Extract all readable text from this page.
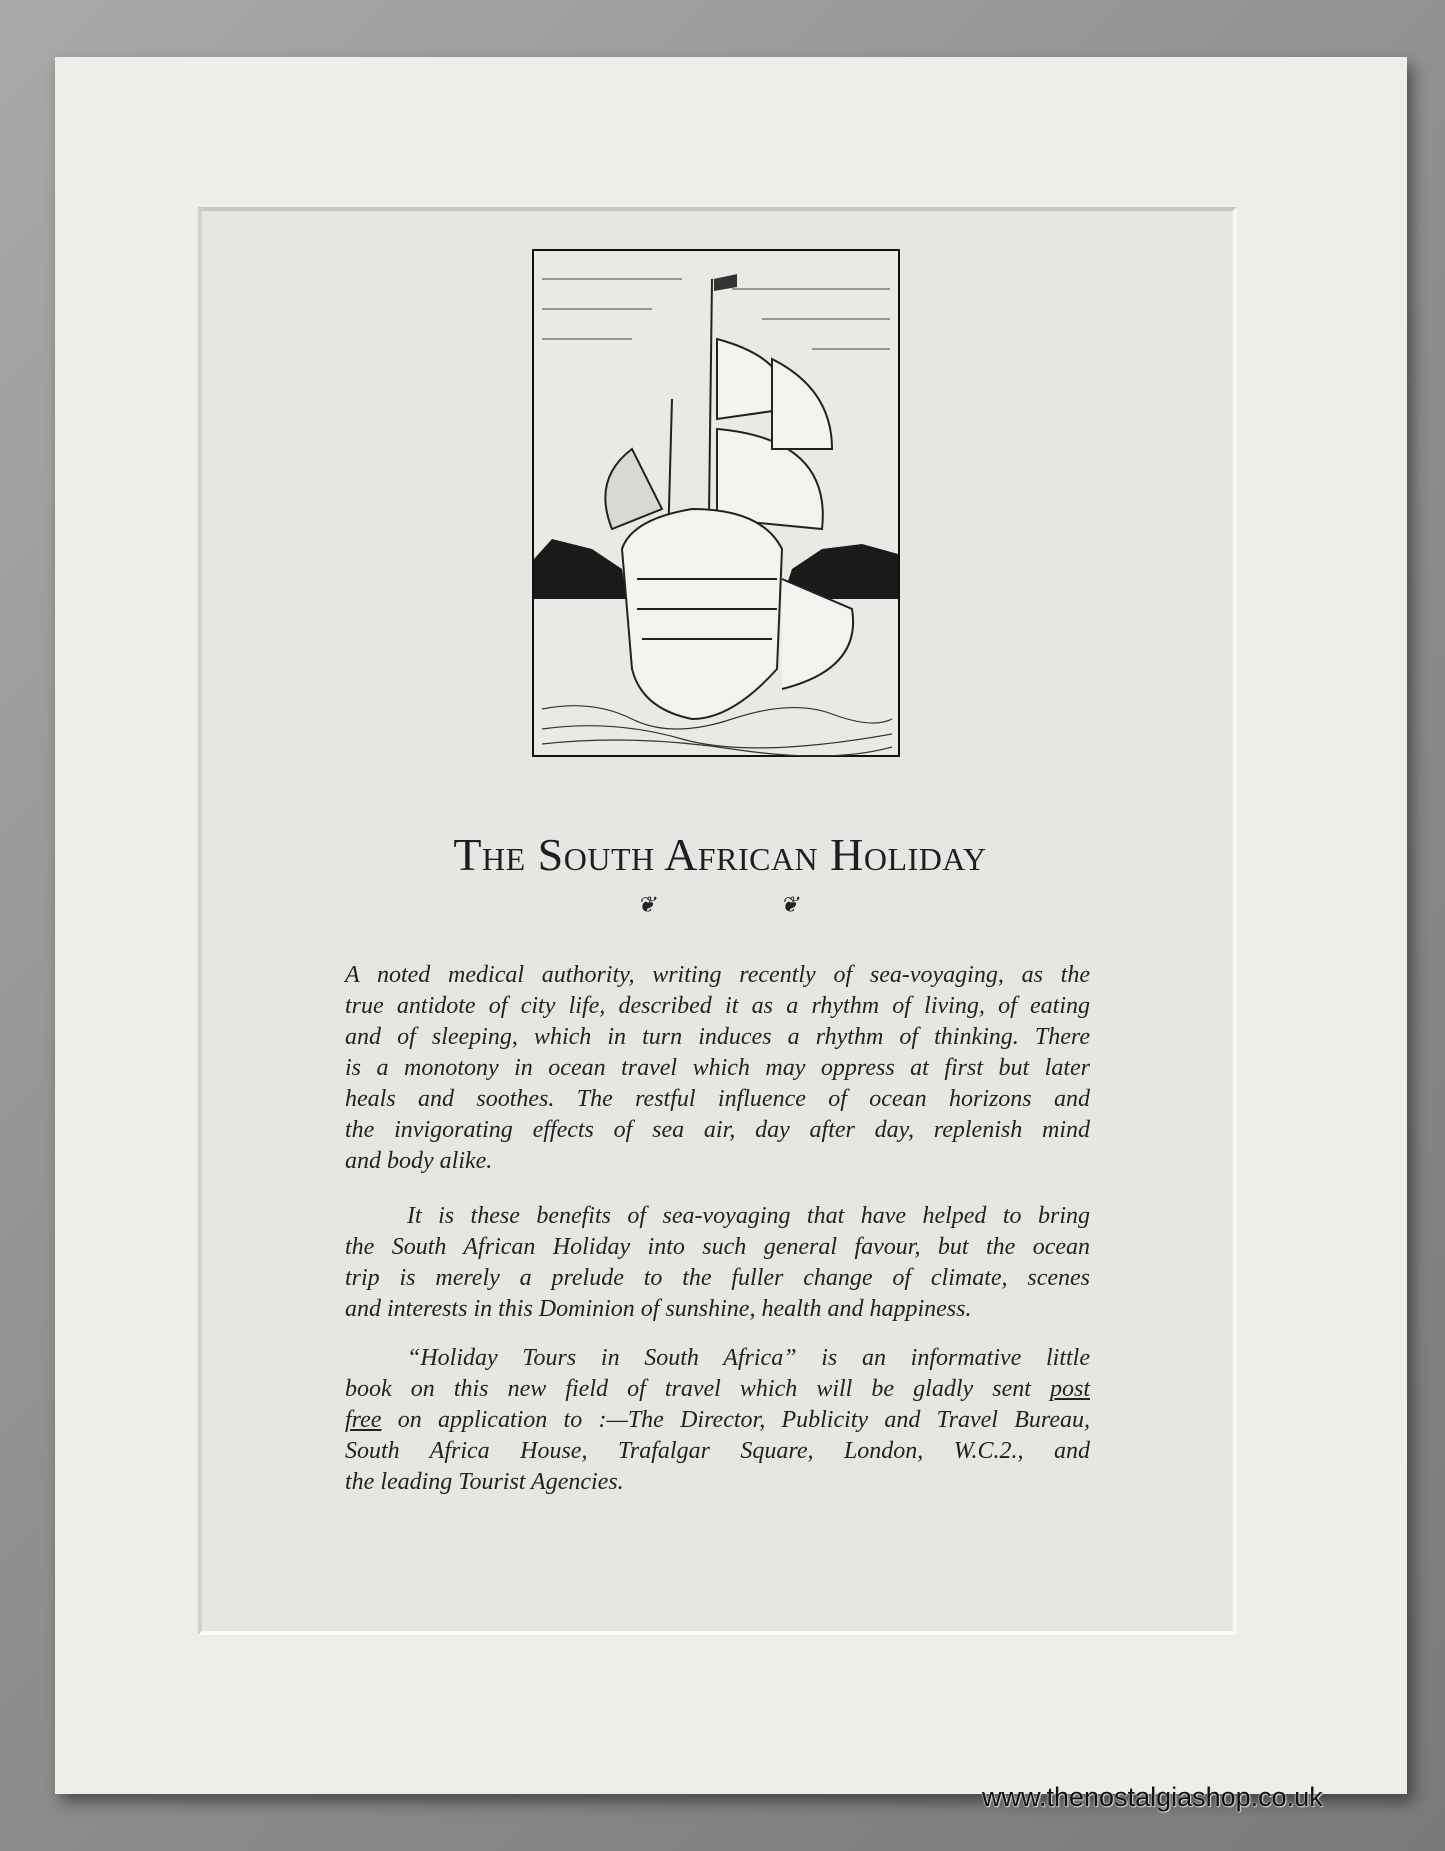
The South African Holiday
❦	❦
A noted medical authority, writing recently of sea-voyaging, as the
true antidote of city life, described it as a rhythm of living, of eating
and of sleeping, which in turn induces a rhythm of thinking. There
is a monotony in ocean travel which may oppress at first but later
heals and soothes. The restful influence of ocean horizons and
the invigorating effects of sea air, day after day, replenish mind
and body alike.
It is these benefits of sea-voyaging that have helped to bring
the South African Holiday into such general favour, but the ocean
trip is merely a prelude to the fuller change of climate, scenes
and interests in this Dominion of sunshine, health and happiness.
“Holiday Tours in South Africa” is an informative little
book on this new field of travel which will be gladly sent post
free on application to :—The Director, Publicity and Travel Bureau,
South Africa House, Trafalgar Square, London, W.C.2., and
the leading Tourist Agencies.
www.thenostalgiashop.co.uk
